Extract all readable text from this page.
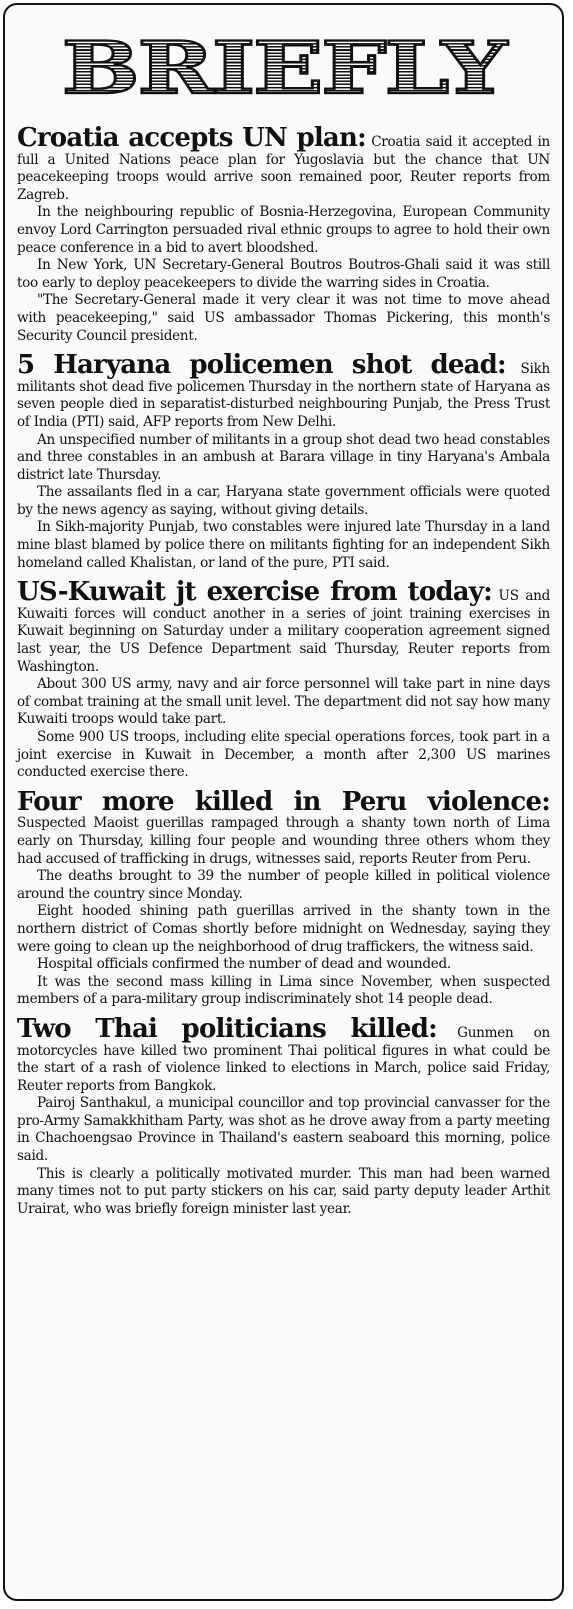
BRIEFLY

Croatia accepts UN plan: Croatia said it accepted in full a United Nations peace plan for Yugoslavia but the chance that UN peacekeeping troops would arrive soon remained poor, Reuter reports from Zagreb.

In the neighbouring republic of Bosnia-Herzegovina, European Community envoy Lord Carrington persuaded rival ethnic groups to agree to hold their own peace conference in a bid to avert bloodshed.

In New York, UN Secretary-General Boutros Boutros-Ghali said it was still too early to deploy peacekeepers to divide the warring sides in Croatia.

"The Secretary-General made it very clear it was not time to move ahead with peacekeeping," said US ambassador Thomas Pickering, this month's Security Council president.

5 Haryana policemen shot dead: Sikh militants shot dead five policemen Thursday in the northern state of Haryana as seven people died in separatist-disturbed neighbouring Punjab, the Press Trust of India (PTI) said, AFP reports from New Delhi.

An unspecified number of militants in a group shot dead two head constables and three constables in an ambush at Barara village in tiny Haryana's Ambala district late Thursday.

The assailants fled in a car, Haryana state government officials were quoted by the news agency as saying, without giving details.

In Sikh-majority Punjab, two constables were injured late Thursday in a land mine blast blamed by police there on militants fighting for an independent Sikh homeland called Khalistan, or land of the pure, PTI said.

US-Kuwait jt exercise from today: US and Kuwaiti forces will conduct another in a series of joint training exercises in Kuwait beginning on Saturday under a military cooperation agreement signed last year, the US Defence Department said Thursday, Reuter reports from Washington.

About 300 US army, navy and air force personnel will take part in nine days of combat training at the small unit level. The department did not say how many Kuwaiti troops would take part.

Some 900 US troops, including elite special operations forces, took part in a joint exercise in Kuwait in December, a month after 2,300 US marines conducted exercise there.

Four more killed in Peru violence: Suspected Maoist guerillas rampaged through a shanty town north of Lima early on Thursday, killing four people and wounding three others whom they had accused of trafficking in drugs, witnesses said, reports Reuter from Peru.

The deaths brought to 39 the number of people killed in political violence around the country since Monday.

Eight hooded shining path guerillas arrived in the shanty town in the northern district of Comas shortly before midnight on Wednesday, saying they were going to clean up the neighborhood of drug traffickers, the witness said.

Hospital officials confirmed the number of dead and wounded.

It was the second mass killing in Lima since November, when suspected members of a para-military group indiscriminately shot 14 people dead.

Two Thai politicians killed: Gunmen on motorcycles have killed two prominent Thai political figures in what could be the start of a rash of violence linked to elections in March, police said Friday, Reuter reports from Bangkok.

Pairoj Santhakul, a municipal councillor and top provincial canvasser for the pro-Army Samakkhitham Party, was shot as he drove away from a party meeting in Chachoengsao Province in Thailand's eastern seaboard this morning, police said.

This is clearly a politically motivated murder. This man had been warned many times not to put party stickers on his car, said party deputy leader Arthit Urairat, who was briefly foreign minister last year.
